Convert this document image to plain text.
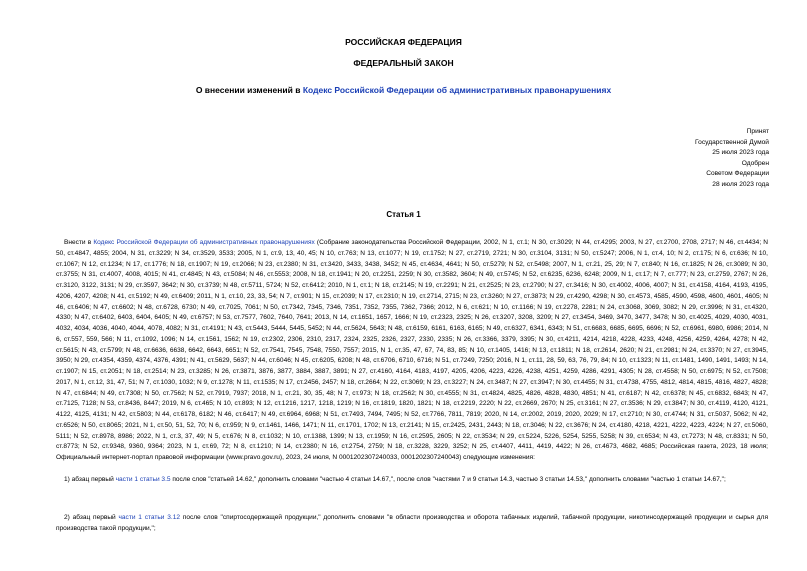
РОССИЙСКАЯ ФЕДЕРАЦИЯ
ФЕДЕРАЛЬНЫЙ ЗАКОН
О внесении изменений в Кодекс Российской Федерации об административных правонарушениях
Принят
Государственной Думой
25 июля 2023 года
Одобрен
Советом Федерации
28 июля 2023 года
Статья 1
Внести в Кодекс Российской Федерации об административных правонарушениях (Собрание законодательства Российской Федерации, 2002, N 1, ст.1; N 30, ст.3029; N 44, ст.4295; 2003, N 27, ст.2700, 2708, 2717; N 46, ст.4434; N 50, ст.4847, 4855; 2004, N 31, ст.3229; N 34, ст.3529, 3533; 2005, N 1, ст.9, 13, 40, 45; N 10, ст.763; N 13, ст.1077; N 19, ст.1752; N 27, ст.2719, 2721; N 30, ст.3104, 3131; N 50, ст.5247; 2006, N 1, ст.4, 10; N 2, ст.175; N 6, ст.636; N 10, ст.1067; N 12, ст.1234; N 17, ст.1776; N 18, ст.1907; N 19, ст.2066; N 23, ст.2380; N 31, ст.3420, 3433, 3438, 3452; N 45, ст.4634, 4641; N 50, ст.5279; N 52, ст.5498; 2007, N 1, ст.21, 25, 29; N 7, ст.840; N 16, ст.1825; N 26, ст.3089; N 30, ст.3755; N 31, ст.4007, 4008, 4015; N 41, ст.4845; N 43, ст.5084; N 46, ст.5553; 2008, N 18, ст.1941; N 20, ст.2251, 2259; N 30, ст.3582, 3604; N 49, ст.5745; N 52, ст.6235, 6236, 6248; 2009, N 1, ст.17; N 7, ст.777; N 23, ст.2759, 2767; N 26, ст.3120, 3122, 3131; N 29, ст.3597, 3642; N 30, ст.3739; N 48, ст.5711, 5724; N 52, ст.6412; 2010, N 1, ст.1; N 18, ст.2145; N 19, ст.2291; N 21, ст.2525; N 23, ст.2790; N 27, ст.3416; N 30, ст.4002, 4006, 4007; N 31, ст.4158, 4164, 4193, 4195, 4206, 4207, 4208; N 41, ст.5192; N 49, ст.6409; 2011, N 1, ст.10, 23, 33, 54; N 7, ст.901; N 15, ст.2039; N 17, ст.2310; N 19, ст.2714, 2715; N 23, ст.3260; N 27, ст.3873; N 29, ст.4290, 4298; N 30, ст.4573, 4585, 4590, 4598, 4600, 4601, 4605; N 46, ст.6406; N 47, ст.6602; N 48, ст.6728, 6730; N 49, ст.7025, 7061; N 50, ст.7342, 7345, 7346, 7351, 7352, 7355, 7362, 7366; 2012, N 6, ст.621; N 10, ст.1166; N 19, ст.2278, 2281; N 24, ст.3068, 3069, 3082; N 29, ст.3996; N 31, ст.4320, 4330; N 47, ст.6402, 6403, 6404, 6405; N 49, ст.6757; N 53, ст.7577, 7602, 7640, 7641; 2013, N 14, ст.1651, 1657, 1666; N 19, ст.2323, 2325; N 26, ст.3207, 3208, 3209; N 27, ст.3454, 3469, 3470, 3477, 3478; N 30, ст.4025, 4029, 4030, 4031, 4032, 4034, 4036, 4040, 4044, 4078, 4082; N 31, ст.4191; N 43, ст.5443, 5444, 5445, 5452; N 44, ст.5624, 5643; N 48, ст.6159, 6161, 6163, 6165; N 49, ст.6327, 6341, 6343; N 51, ст.6683, 6685, 6695, 6696; N 52, ст.6961, 6980, 6986; 2014, N 6, ст.557, 559, 566; N 11, ст.1092, 1096; N 14, ст.1561, 1562; N 19, ст.2302, 2306, 2310, 2317, 2324, 2325, 2326, 2327, 2330, 2335; N 26, ст.3366, 3379, 3395; N 30, ст.4211, 4214, 4218, 4228, 4233, 4248, 4256, 4259, 4264, 4278; N 42, ст.5615; N 43, ст.5799; N 48, ст.6636, 6638, 6642, 6643, 6651; N 52, ст.7541, 7545, 7548, 7550, 7557; 2015, N 1, ст.35, 47, 67, 74, 83, 85; N 10, ст.1405, 1416; N 13, ст.1811; N 18, ст.2614, 2620; N 21, ст.2981; N 24, ст.3370; N 27, ст.3945, 3950; N 29, ст.4354, 4359, 4374, 4376, 4391; N 41, ст.5629, 5637; N 44, ст.6046; N 45, ст.6205, 6208; N 48, ст.6706, 6710, 6716; N 51, ст.7249, 7250; 2016, N 1, ст.11, 28, 59, 63, 76, 79, 84; N 10, ст.1323; N 11, ст.1481, 1490, 1491, 1493; N 14, ст.1907; N 15, ст.2051; N 18, ст.2514; N 23, ст.3285; N 26, ст.3871, 3876, 3877, 3884, 3887, 3891; N 27, ст.4160, 4164, 4183, 4197, 4205, 4206, 4223, 4226, 4238, 4251, 4259, 4286, 4291, 4305; N 28, ст.4558; N 50, ст.6975; N 52, ст.7508; 2017, N 1, ст.12, 31, 47, 51; N 7, ст.1030, 1032; N 9, ст.1278; N 11, ст.1535; N 17, ст.2456, 2457; N 18, ст.2664; N 22, ст.3069; N 23, ст.3227; N 24, ст.3487; N 27, ст.3947; N 30, ст.4455; N 31, ст.4738, 4755, 4812, 4814, 4815, 4816, 4827, 4828; N 47, ст.6844; N 49, ст.7308; N 50, ст.7562; N 52, ст.7919, 7937; 2018, N 1, ст.21, 30, 35, 48; N 7, ст.973; N 18, ст.2562; N 30, ст.4555; N 31, ст.4824, 4825, 4826, 4828, 4830, 4851; N 41, ст.6187; N 42, ст.6378; N 45, ст.6832, 6843; N 47, ст.7125, 7128; N 53, ст.8436, 8447; 2019, N 6, ст.465; N 10, ст.893; N 12, ст.1216, 1217, 1218, 1219; N 16, ст.1819, 1820, 1821; N 18, ст.2219, 2220; N 22, ст.2669, 2670; N 25, ст.3161; N 27, ст.3536; N 29, ст.3847; N 30, ст.4119, 4120, 4121, 4122, 4125, 4131; N 42, ст.5803; N 44, ст.6178, 6182; N 46, ст.6417; N 49, ст.6964, 6968; N 51, ст.7493, 7494, 7495; N 52, ст.7766, 7811, 7819; 2020, N 14, ст.2002, 2019, 2020, 2029; N 17, ст.2710; N 30, ст.4744; N 31, ст.5037, 5062; N 42, ст.6526; N 50, ст.8065; 2021, N 1, ст.50, 51, 52, 70; N 6, ст.959; N 9, ст.1461, 1466, 1471; N 11, ст.1701, 1702; N 13, ст.2141; N 15, ст.2425, 2431, 2443; N 18, ст.3046; N 22, ст.3676; N 24, ст.4180, 4218, 4221, 4222, 4223, 4224; N 27, ст.5060, 5111; N 52, ст.8978, 8986; 2022, N 1, ст.3, 37, 49; N 5, ст.676; N 8, ст.1032; N 10, ст.1388, 1399; N 13, ст.1959; N 16, ст.2595, 2605; N 22, ст.3534; N 29, ст.5224, 5226, 5254, 5255, 5258; N 39, ст.6534; N 43, ст.7273; N 48, ст.8331; N 50, ст.8773; N 52, ст.9348, 9360, 9364; 2023, N 1, ст.69, 72; N 8, ст.1210; N 14, ст.2380; N 16, ст.2754, 2759; N 18, ст.3228, 3229, 3252; N 25, ст.4407, 4411, 4419, 4422; N 26, ст.4673, 4682, 4685; Российская газета, 2023, 18 июля; Официальный интернет-портал правовой информации (www.pravo.gov.ru), 2023, 24 июля, N 0001202307240033, 0001202307240043) следующие изменения:
1) абзац первый части 1 статьи 3.5 после слов "статьей 14.62," дополнить словами "частью 4 статьи 14.67,", после слов "частями 7 и 9 статьи 14.3, частью 3 статьи 14.53," дополнить словами "частью 1 статьи 14.67,";
2) абзац первый части 1 статьи 3.12 после слов "спиртосодержащей продукции," дополнить словами "в области производства и оборота табачных изделий, табачной продукции, никотинсодержащей продукции и сырья для производства такой продукции,";
